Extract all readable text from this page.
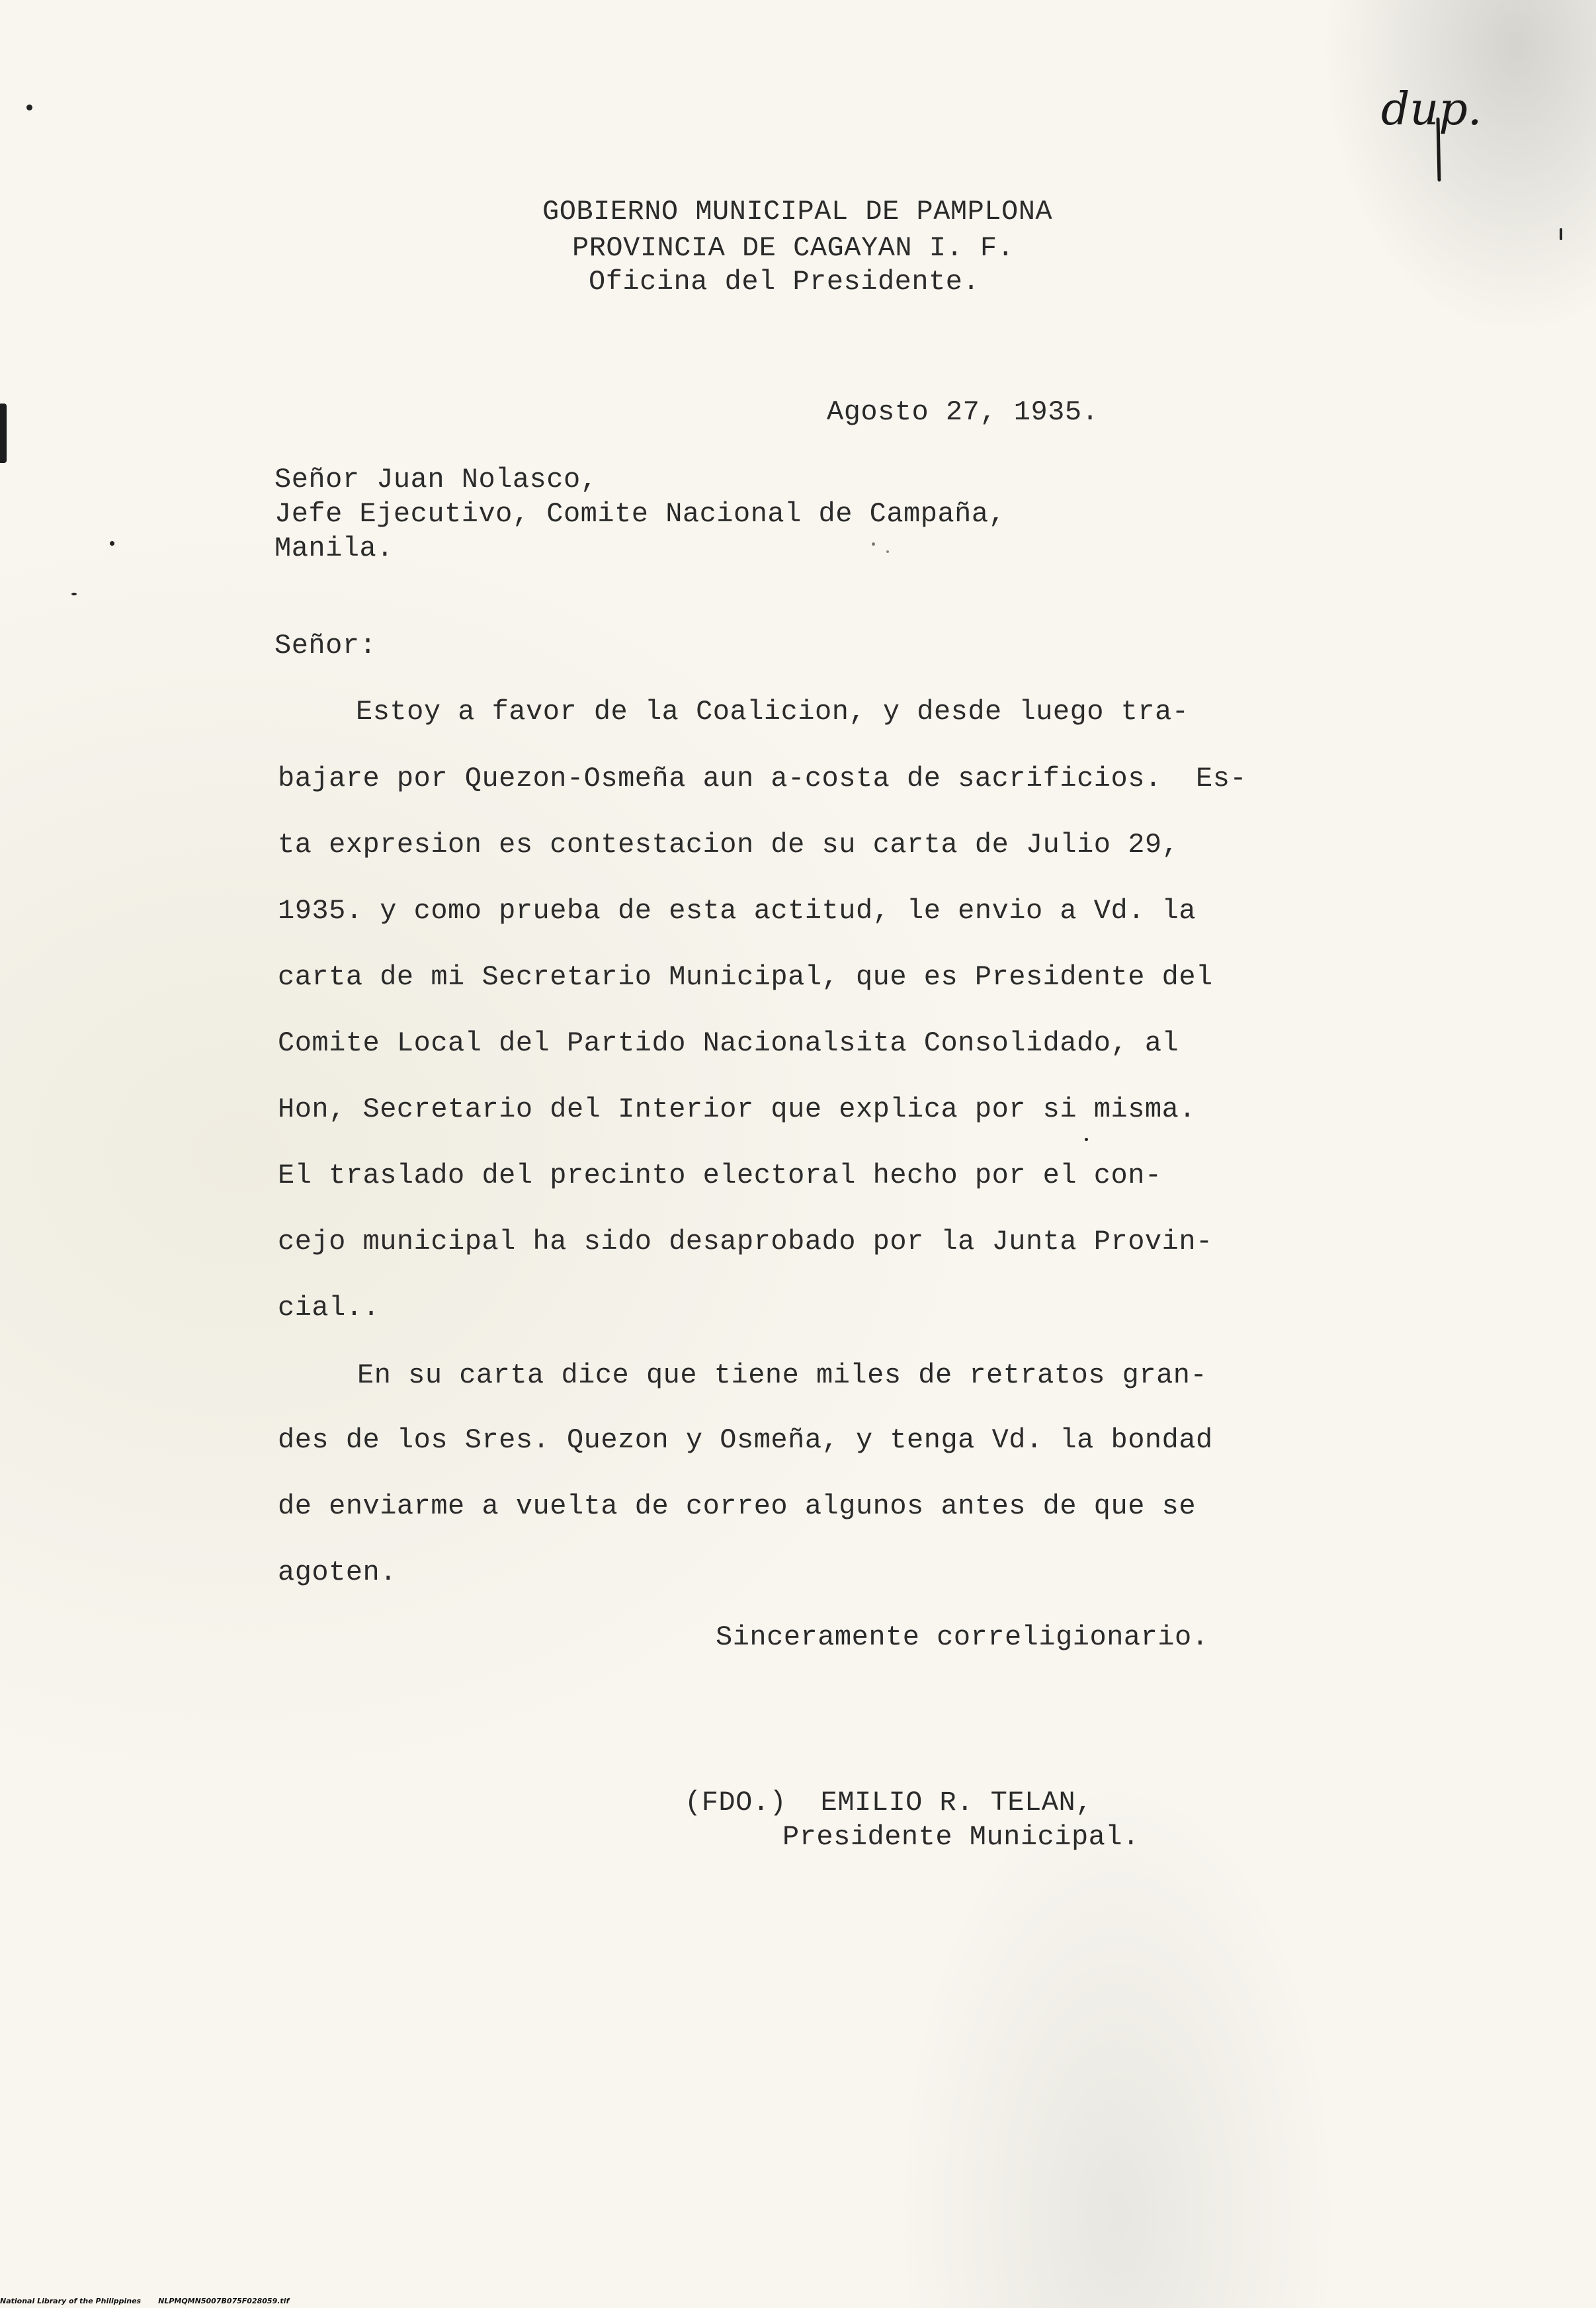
dup.
GOBIERNO MUNICIPAL DE PAMPLONA
PROVINCIA DE CAGAYAN I. F.
Oficina del Presidente.
Agosto 27, 1935.
Señor Juan Nolasco,
Jefe Ejecutivo, Comite Nacional de Campaña,
Manila.
Señor:
Estoy a favor de la Coalicion, y desde luego tra-
bajare por Quezon-Osmeña aun a-costa de sacrificios.  Es-
ta expresion es contestacion de su carta de Julio 29,
1935. y como prueba de esta actitud, le envio a Vd. la
carta de mi Secretario Municipal, que es Presidente del
Comite Local del Partido Nacionalsita Consolidado, al
Hon, Secretario del Interior que explica por si misma.
El traslado del precinto electoral hecho por el con-
cejo municipal ha sido desaprobado por la Junta Provin-
cial..
En su carta dice que tiene miles de retratos gran-
des de los Sres. Quezon y Osmeña, y tenga Vd. la bondad
de enviarme a vuelta de correo algunos antes de que se
agoten.
Sinceramente correligionario.
(FDO.)  EMILIO R. TELAN,
Presidente Municipal.
National Library of the Philippines NLPMQMN5007B075F028059.tif
